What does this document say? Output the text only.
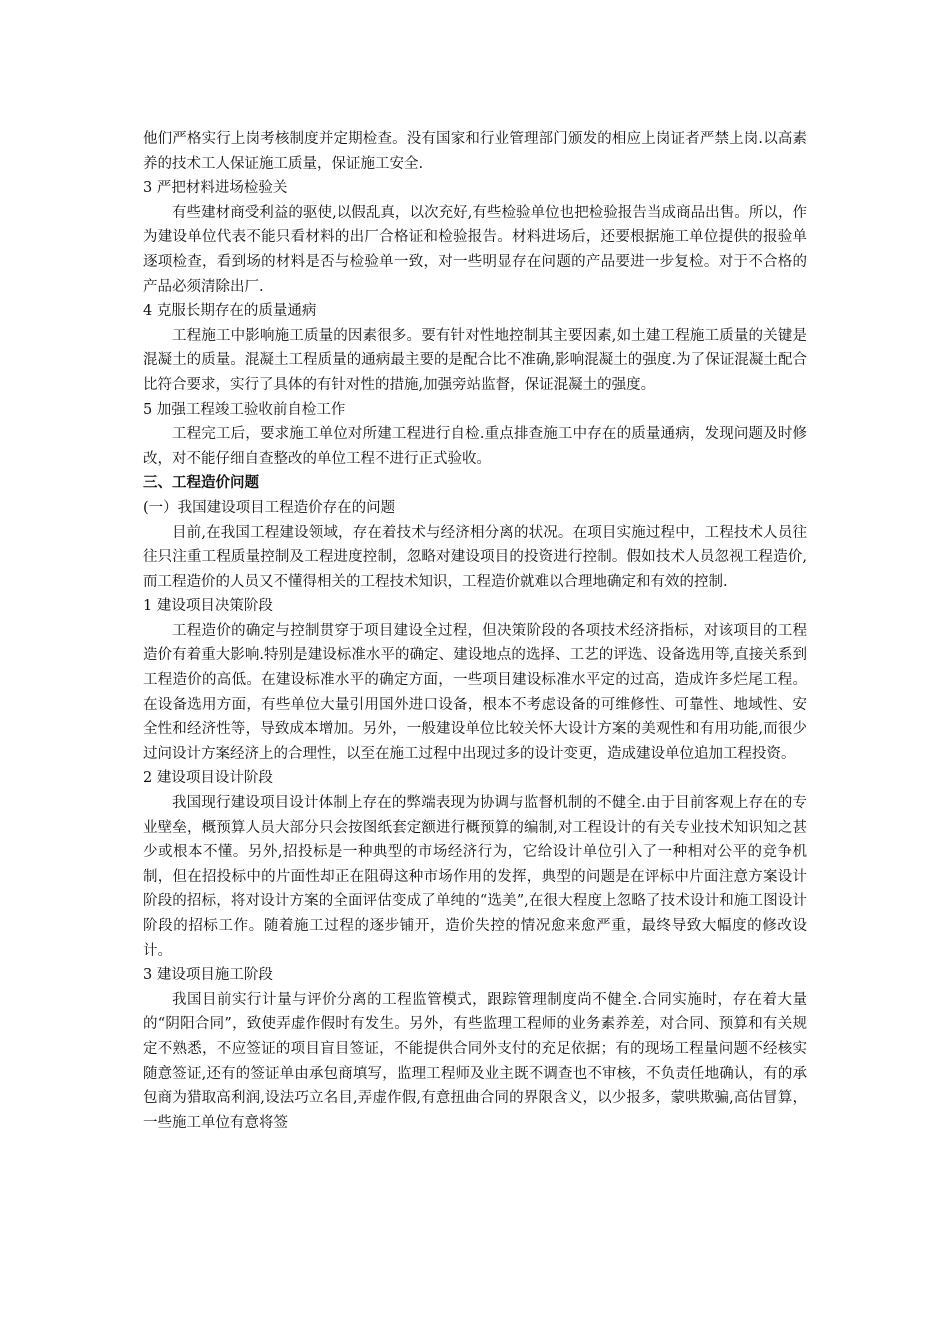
他们严格实行上岗考核制度并定期检查。没有国家和行业管理部门颁发的相应上岗证者严禁上岗.以高素养的技术工人保证施工质量，保证施工安全.

3 严把材料进场检验关

有些建材商受利益的驱使,以假乱真，以次充好,有些检验单位也把检验报告当成商品出售。所以，作为建设单位代表不能只看材料的出厂合格证和检验报告。材料进场后，还要根据施工单位提供的报验单逐项检查，看到场的材料是否与检验单一致，对一些明显存在问题的产品要进一步复检。对于不合格的产品必须清除出厂.

4 克服长期存在的质量通病

工程施工中影响施工质量的因素很多。要有针对性地控制其主要因素,如土建工程施工质量的关键是混凝土的质量。混凝土工程质量的通病最主要的是配合比不准确,影响混凝土的强度.为了保证混凝土配合比符合要求，实行了具体的有针对性的措施,加强旁站监督，保证混凝土的强度。

5 加强工程竣工验收前自检工作

工程完工后，要求施工单位对所建工程进行自检.重点排查施工中存在的质量通病，发现问题及时修改，对不能仔细自查整改的单位工程不进行正式验收。

三、工程造价问题

(一）我国建设项目工程造价存在的问题

目前,在我国工程建设领域，存在着技术与经济相分离的状况。在项目实施过程中，工程技术人员往往只注重工程质量控制及工程进度控制，忽略对建设项目的投资进行控制。假如技术人员忽视工程造价,而工程造价的人员又不懂得相关的工程技术知识，工程造价就难以合理地确定和有效的控制.

1 建设项目决策阶段

工程造价的确定与控制贯穿于项目建设全过程，但决策阶段的各项技术经济指标，对该项目的工程造价有着重大影响.特别是建设标准水平的确定、建设地点的选择、工艺的评选、设备选用等,直接关系到工程造价的高低。在建设标准水平的确定方面，一些项目建设标准水平定的过高，造成许多烂尾工程。在设备选用方面，有些单位大量引用国外进口设备，根本不考虑设备的可维修性、可靠性、地域性、安全性和经济性等，导致成本增加。另外，一般建设单位比较关怀大设计方案的美观性和有用功能,而很少过问设计方案经济上的合理性，以至在施工过程中出现过多的设计变更，造成建设单位追加工程投资。

2 建设项目设计阶段

我国现行建设项目设计体制上存在的弊端表现为协调与监督机制的不健全.由于目前客观上存在的专业壁垒，概预算人员大部分只会按图纸套定额进行概预算的编制,对工程设计的有关专业技术知识知之甚少或根本不懂。另外,招投标是一种典型的市场经济行为，它给设计单位引入了一种相对公平的竞争机制，但在招投标中的片面性却正在阻碍这种市场作用的发挥，典型的问题是在评标中片面注意方案设计阶段的招标，将对设计方案的全面评估变成了单纯的“选美”,在很大程度上忽略了技术设计和施工图设计阶段的招标工作。随着施工过程的逐步铺开，造价失控的情况愈来愈严重，最终导致大幅度的修改设计。

3 建设项目施工阶段

我国目前实行计量与评价分离的工程监管模式，跟踪管理制度尚不健全.合同实施时，存在着大量的“阴阳合同”，致使弄虚作假时有发生。另外，有些监理工程师的业务素养差，对合同、预算和有关规定不熟悉，不应签证的项目盲目签证，不能提供合同外支付的充足依据；有的现场工程量问题不经核实随意签证,还有的签证单由承包商填写，监理工程师及业主既不调查也不审核，不负责任地确认，有的承包商为猎取高利润,设法巧立名目,弄虚作假,有意扭曲合同的界限含义，以少报多，蒙哄欺骗,高估冒算，一些施工单位有意将签
